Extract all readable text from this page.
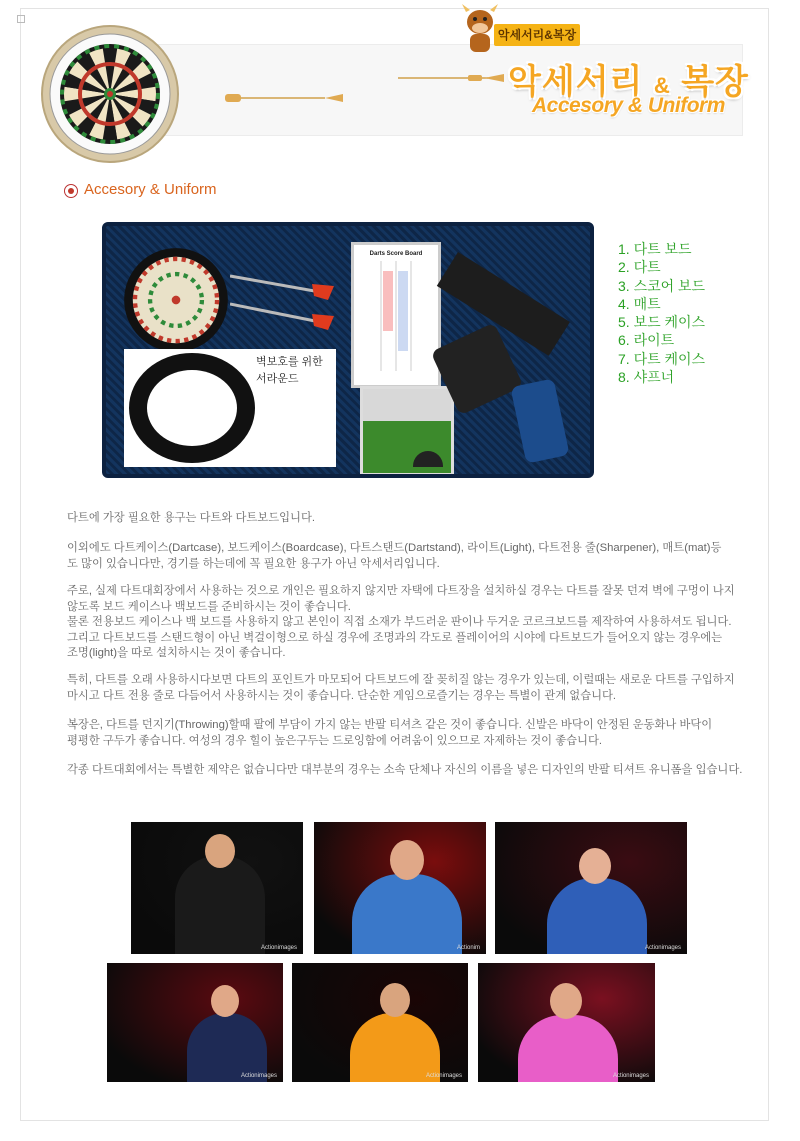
악세서리&복장
악세서리 & 복장
Accesory & Uniform
Accesory & Uniform
벽보호를 위한
서라운드
Darts Score Board	1. 다트 보드
2. 다트
3. 스코어 보드
4. 매트
5. 보드 케이스
6. 라이트
7. 다트 케이스
8. 샤프너

다트에 가장 필요한 용구는 다트와 다트보드입니다.

이외에도 다트케이스(Dartcase), 보드케이스(Boardcase), 다트스탠드(Dartstand), 라이트(Light), 다트전용 줄(Sharpener), 매트(mat)등
도 많이 있습니다만, 경기를 하는데에 꼭 필요한 용구가 아닌 악세서리입니다.

주로, 실제 다트대회장에서 사용하는 것으로 개인은 필요하지 않지만 자택에 다트장을 설치하실 경우는 다트를 잘못 던져 벽에 구멍이 나지
않도록 보드 케이스나 백보드를 준비하시는 것이 좋습니다.
물론 전용보드 케이스나 백 보드를 사용하지 않고 본인이 직접 소재가 부드러운 판이나 두거운 코르크보드를 제작하여 사용하셔도 됩니다.
그리고 다트보드를 스탠드형이 아닌 벽걸이형으로 하실 경우에 조명과의 각도로 플레이어의 시야에 다트보드가 들어오지 않는 경우에는
조명(light)을 따로 설치하시는 것이 좋습니다.

특히, 다트를 오래 사용하시다보면 다트의 포인트가 마모되어 다트보드에 잘 꽂히질 않는 경우가 있는데, 이럴때는 새로운 다트를 구입하지
마시고 다트 전용 줄로 다듬어서 사용하시는 것이 좋습니다. 단순한 게임으로즐기는 경우는 특별이 관계 없습니다.

복장은, 다트를 던지기(Throwing)할때 팔에 부담이 가지 않는 반팔 티셔츠 같은 것이 좋습니다. 신발은 바닥이 안정된 운동화나 바닥이
평평한 구두가 좋습니다. 여성의 경우 힐이 높은구두는 드로잉함에 어려움이 있으므로 자제하는 것이 좋습니다.

각종 다트대회에서는 특별한 제약은 없습니다만 대부분의 경우는 소속 단체나 자신의 이름을 넣은 디자인의 반팔 티셔트 유니폼을 입습니다.

Actionimages	Actionim	Actionimages
Actionimages	Actionimages	Actionimages
